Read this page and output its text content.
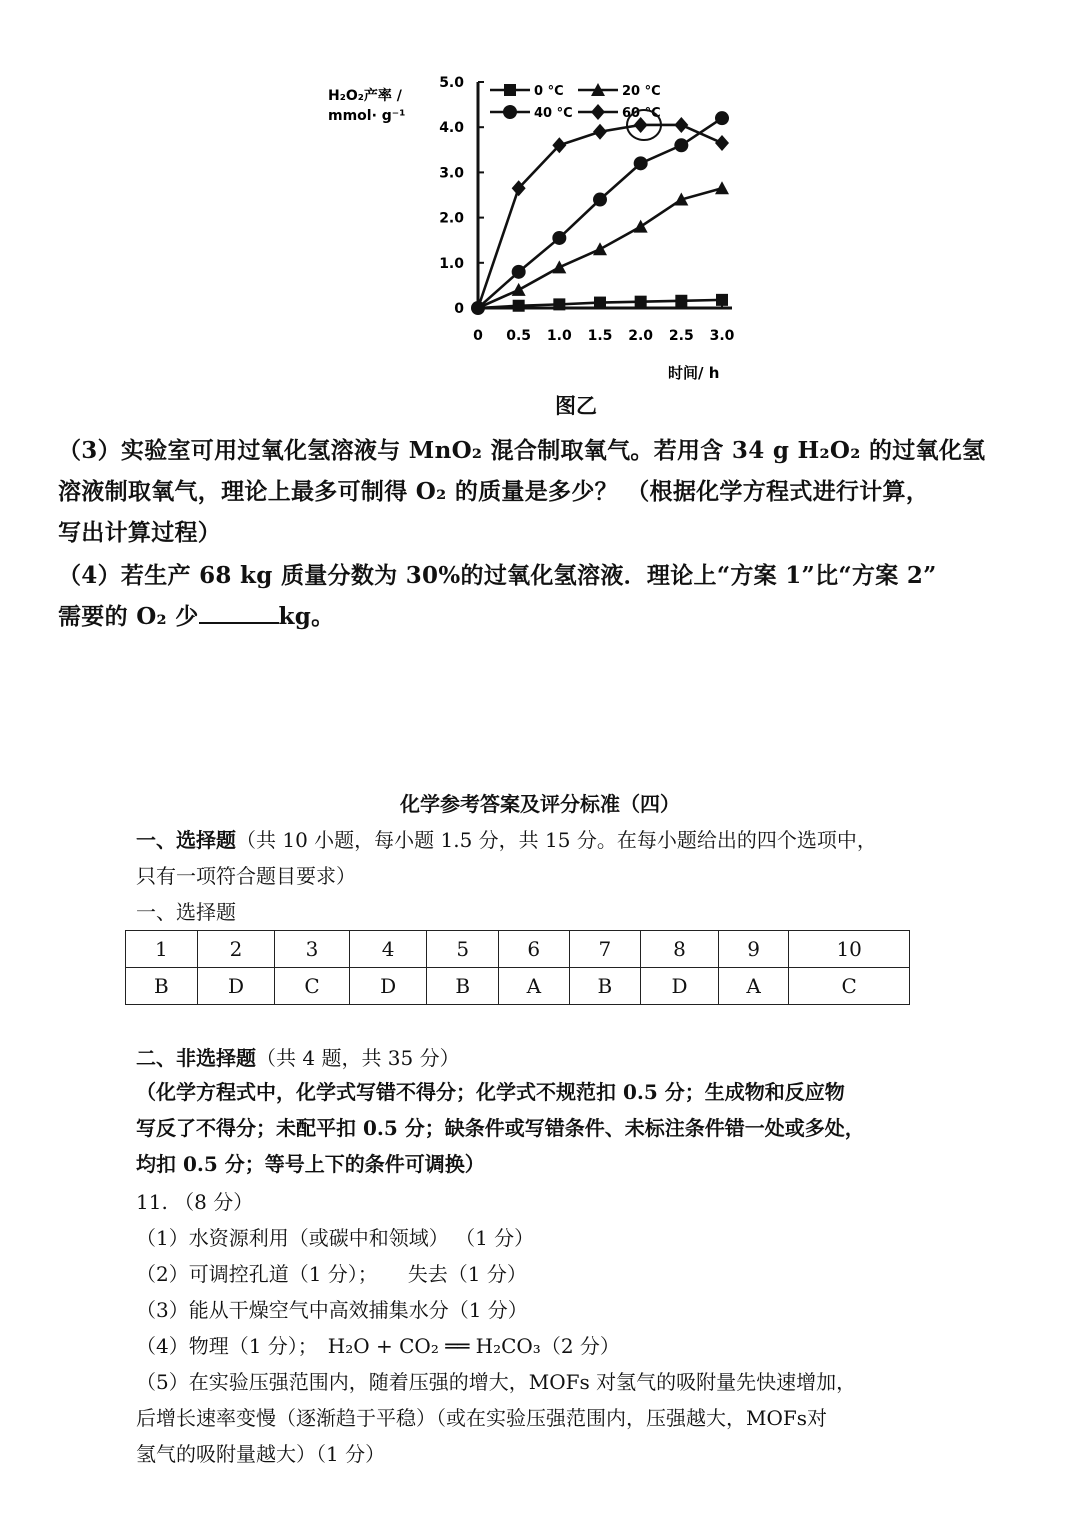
H₂O₂产率 /
mmol· g⁻¹
0
1.0
2.0
3.0
4.0
5.0
0 0.5 1.0 1.5 2.0 2.5 3.0
0 °C	20 °C
40 °C	60 °C
时间/ h
图乙
（3）实验室可用过氧化氢溶液与 MnO₂ 混合制取氧气。若用含 34 g H₂O₂ 的过氧化氢
溶液制取氧气，理论上最多可制得 O₂ 的质量是多少？ （根据化学方程式进行计算，
写出计算过程）
（4）若生产 68 kg 质量分数为 30%的过氧化氢溶液．理论上“方案 1”比“方案 2”
需要的 O₂ 少	kg。
化学参考答案及评分标准（四）
一、选择题（共 10 小题，每小题 1.5 分，共 15 分。在每小题给出的四个选项中，
只有一项符合题目要求）
一、选择题
1	2	3	4	5	6	7	8	9	10
B	D	C	D	B	A	B	D	A	C
二、非选择题（共 4 题，共 35 分）
（化学方程式中，化学式写错不得分；化学式不规范扣 0.5 分；生成物和反应物
写反了不得分；未配平扣 0.5 分；缺条件或写错条件、未标注条件错一处或多处，
均扣 0.5 分；等号上下的条件可调换）
11. （8 分）
（1）水资源利用（或碳中和领域） （1 分）
（2）可调控孔道（1 分）；　　失去（1 分）
（3）能从干燥空气中高效捕集水分（1 分）
（4）物理（1 分）；　H₂O + CO₂ ══ H₂CO₃（2 分）
（5）在实验压强范围内，随着压强的增大，MOFs 对氢气的吸附量先快速增加，
后增长速率变慢（逐渐趋于平稳）（或在实验压强范围内，压强越大，MOFs对
氢气的吸附量越大）（1 分）
